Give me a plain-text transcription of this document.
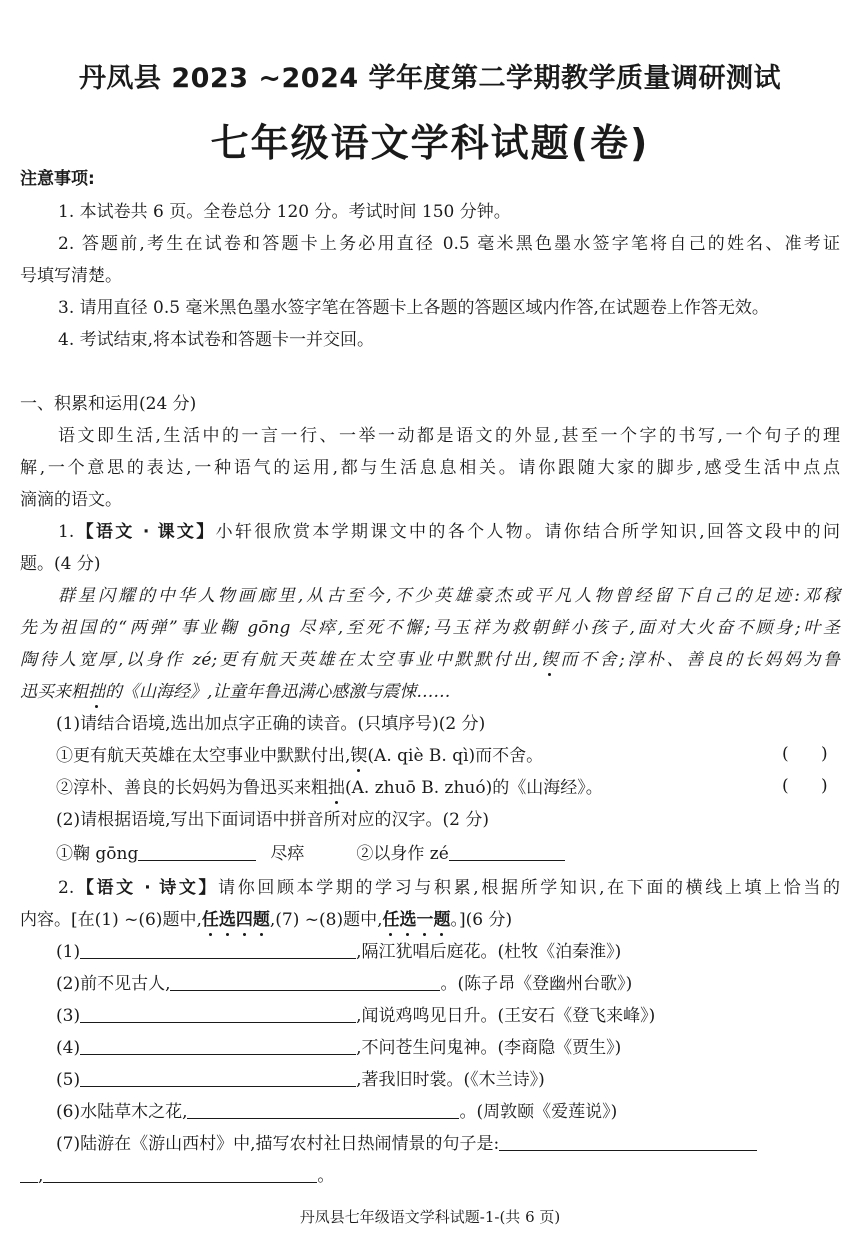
丹凤县 2023 ~2024 学年度第二学期教学质量调研测试
七年级语文学科试题(卷)
注意事项:
1. 本试卷共 6 页。全卷总分 120 分。考试时间 150 分钟。
2. 答题前,考生在试卷和答题卡上务必用直径 0.5 毫米黑色墨水签字笔将自己的姓名、准考证
号填写清楚。
3. 请用直径 0.5 毫米黑色墨水签字笔在答题卡上各题的答题区域内作答,在试题卷上作答无效。
4. 考试结束,将本试卷和答题卡一并交回。
一、积累和运用(24 分)
语文即生活,生活中的一言一行、一举一动都是语文的外显,甚至一个字的书写,一个句子的理
解,一个意思的表达,一种语气的运用,都与生活息息相关。请你跟随大家的脚步,感受生活中点点
滴滴的语文。
1.【语文 · 课文】小轩很欣赏本学期课文中的各个人物。请你结合所学知识,回答文段中的问
题。(4 分)
群星闪耀的中华人物画廊里,从古至今,不少英雄豪杰或平凡人物曾经留下自己的足迹:邓稼
先为祖国的“两弹”事业鞠 gōng 尽瘁,至死不懈;马玉祥为救朝鲜小孩子,面对大火奋不顾身;叶圣
陶待人宽厚,以身作 zé;更有航天英雄在太空事业中默默付出,锲而不舍;淳朴、善良的长妈妈为鲁
迅买来粗拙的《山海经》,让童年鲁迅满心感激与震悚……
(1)请结合语境,选出加点字正确的读音。(只填序号)(2 分)
①更有航天英雄在太空事业中默默付出,锲(A. qiè B. qì)而不舍。	(      )
②淳朴、善良的长妈妈为鲁迅买来粗拙(A. zhuō B. zhuó)的《山海经》。	(      )
(2)请根据语境,写出下面词语中拼音所对应的汉字。(2 分)
①鞠 gōng	尽瘁	②以身作 zé
2.【语文 · 诗文】请你回顾本学期的学习与积累,根据所学知识,在下面的横线上填上恰当的
内容。[在(1) ~(6)题中,任选四题,(7) ~(8)题中,任选一题。](6 分)
(1)	,隔江犹唱后庭花。(杜牧《泊秦淮》)
(2)前不见古人,	。(陈子昂《登幽州台歌》)
(3)	,闻说鸡鸣见日升。(王安石《登飞来峰》)
(4)	,不问苍生问鬼神。(李商隐《贾生》)
(5)	,著我旧时裳。(《木兰诗》)
(6)水陆草木之花,	。(周敦颐《爱莲说》)
(7)陆游在《游山西村》中,描写农村社日热闹情景的句子是:
,	。
丹凤县七年级语文学科试题-1-(共 6 页)
